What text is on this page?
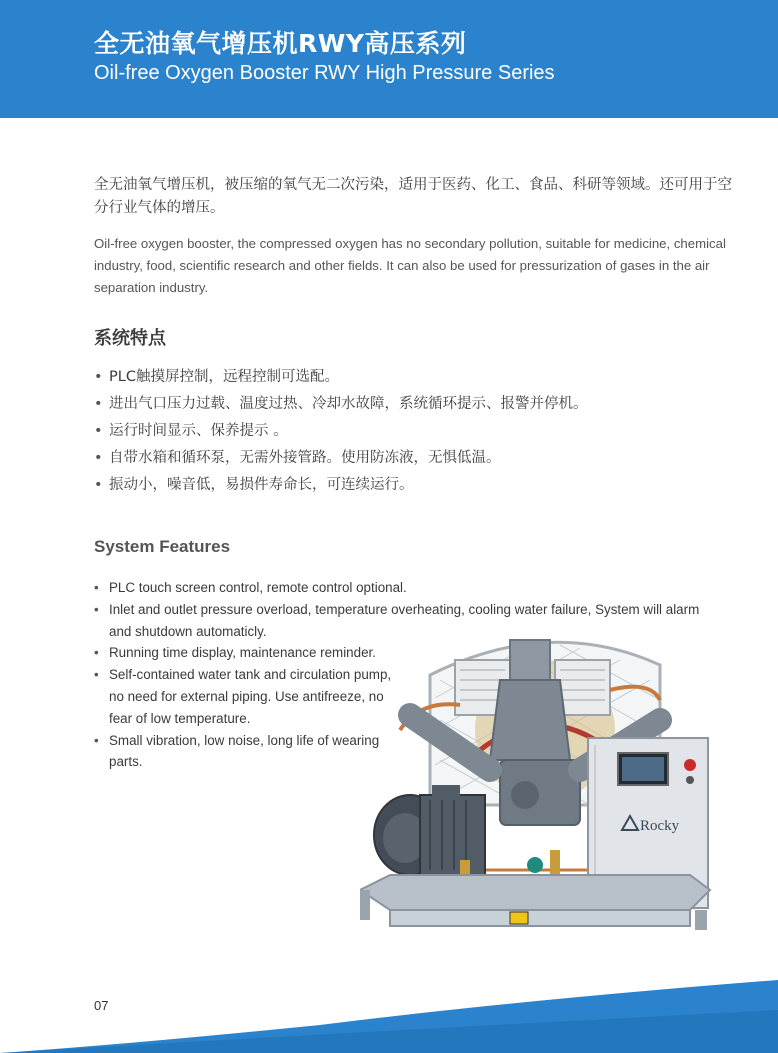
全无油氧气增压机RWY高压系列
Oil-free Oxygen Booster RWY High Pressure Series
全无油氧气增压机，被压缩的氧气无二次污染，适用于医药、化工、食品、科研等领域。还可用于空分行业气体的增压。
Oil-free oxygen booster, the compressed oxygen has no secondary pollution, suitable for medicine, chemical industry, food, scientific research and other fields. It can also be used for pressurization of gases in the air separation industry.
系统特点
• PLC触摸屏控制，远程控制可选配。
• 进出气口压力过载、温度过热、冷却水故障，系统循环提示、报警并停机。
• 运行时间显示、保养提示 。
• 自带水箱和循环泵，无需外接管路。使用防冻液，无惧低温。
• 振动小，噪音低，易损件寿命长，可连续运行。
System Features
• PLC touch screen control, remote control optional.
• Inlet and outlet pressure overload, temperature overheating, cooling water failure, System will alarm and shutdown automaticly.
• Running time display, maintenance reminder.
• Self-contained water tank and circulation pump, no need for external piping. Use antifreeze, no fear of low temperature.
• Small vibration, low noise, long life of wearing parts.
Rocky
07
